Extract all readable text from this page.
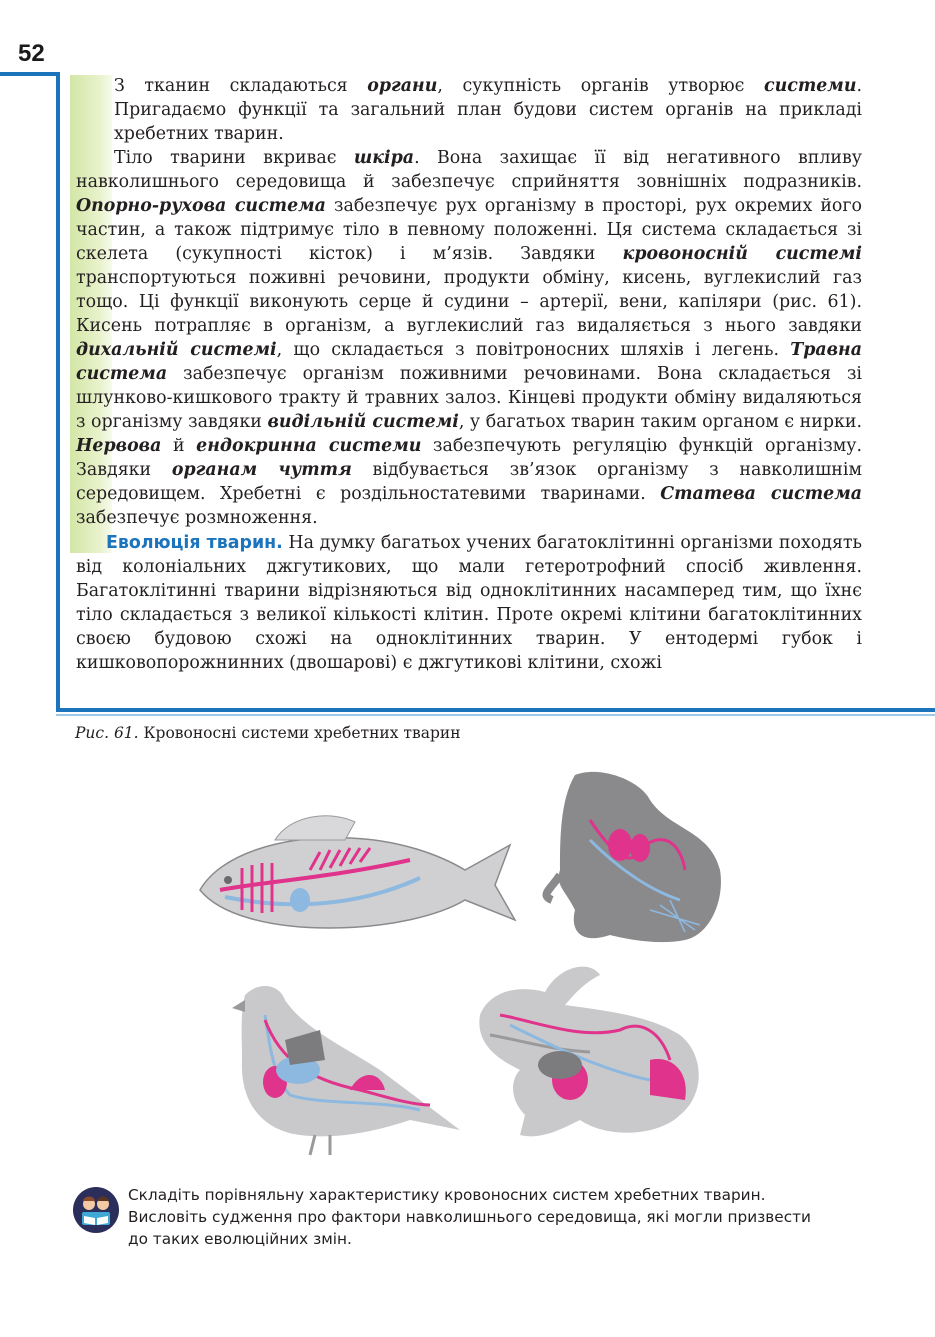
52

З тканин складаються органи, сукупність органів утворює системи. Пригадаємо функції та загальний план будови систем органів на прикладі хребетних тварин.

Тіло тварини вкриває шкіра. Вона захищає її від негативного впливу навколишнього середовища й забезпечує сприйняття зовнішніх подразників. Опорно-рухова система забезпечує рух організму в просторі, рух окремих його частин, а також підтримує тіло в певному положенні. Ця система складається зі скелета (сукупності кісток) і м’язів. Завдяки кровоносній системі транспортуються поживні речовини, продукти обміну, кисень, вуглекислий газ тощо. Ці функції виконують серце й судини – артерії, вени, капіляри (рис. 61). Кисень потрапляє в організм, а вуглекислий газ видаляється з нього завдяки дихальній системі, що складається з повітроносних шляхів і легень. Травна система забезпечує організм поживними речовинами. Вона складається зі шлунково-кишкового тракту й травних залоз. Кінцеві продукти обміну видаляються з організму завдяки видільній системі, у багатьох тварин таким органом є нирки. Нервова й ендокринна системи забезпечують регуляцію функцій організму. Завдяки органам чуття відбувається зв’язок організму з навколишнім середовищем. Хребетні є роздільностатевими тваринами. Статева система забезпечує розмноження.

Еволюція тварин. На думку багатьох учених багатоклітинні організми походять від колоніальних джгутикових, що мали гетеротрофний спосіб живлення. Багатоклітинні тварини відрізняються від одноклітинних насамперед тим, що їхнє тіло складається з великої кількості клітин. Проте окремі клітини багатоклітинних своєю будовою схожі на одноклітинних тварин. У ентодермі губок і кишковопорожнинних (двошарові) є джгутикові клітини, схожі

Рис. 61. Кровоносні системи хребетних тварин
Складіть порівняльну характеристику кровоносних систем хребетних тварин.
Висловіть судження про фактори навколишнього середовища, які могли призвести
до таких еволюційних змін.
